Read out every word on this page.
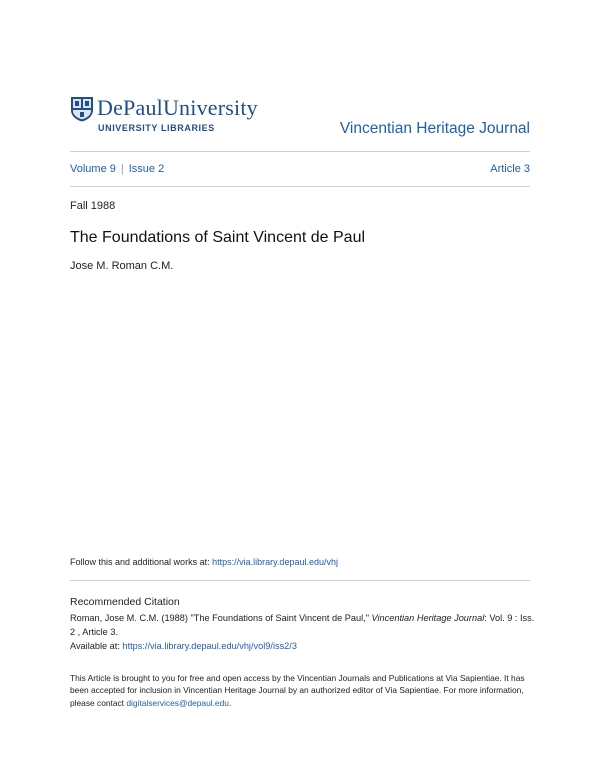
DePaulUniversity
UNIVERSITY LIBRARIES	Vincentian Heritage Journal
Volume 9 | Issue 2	Article 3
Fall 1988
The Foundations of Saint Vincent de Paul
Jose M. Roman C.M.
Follow this and additional works at: https://via.library.depaul.edu/vhj
Recommended Citation
Roman, Jose M. C.M. (1988) "The Foundations of Saint Vincent de Paul," Vincentian Heritage Journal: Vol. 9 : Iss. 2 , Article 3.
Available at: https://via.library.depaul.edu/vhj/vol9/iss2/3
This Article is brought to you for free and open access by the Vincentian Journals and Publications at Via Sapientiae. It has been accepted for inclusion in Vincentian Heritage Journal by an authorized editor of Via Sapientiae. For more information, please contact digitalservices@depaul.edu.
